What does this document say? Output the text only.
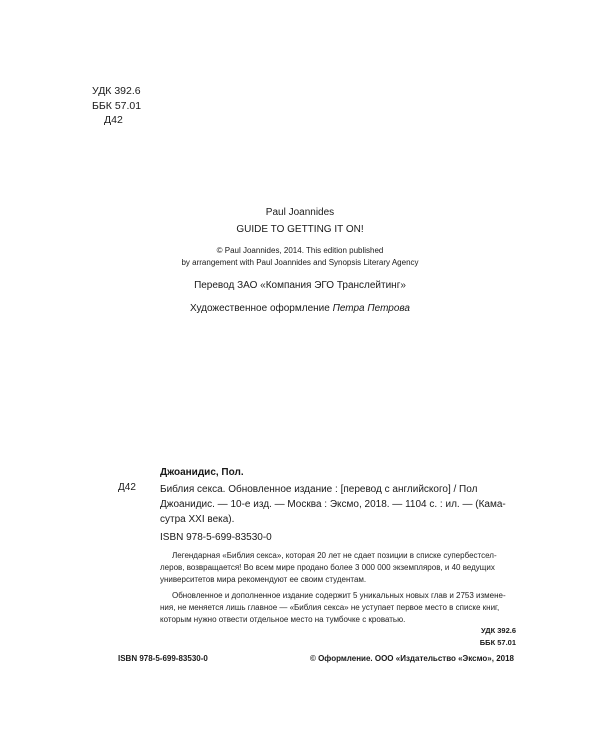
УДК 392.6
ББК 57.01
Д42
Paul Joannides
GUIDE TO GETTING IT ON!
© Paul Joannides, 2014. This edition published
by arrangement with Paul Joannides and Synopsis Literary Agency
Перевод ЗАО «Компания ЭГО Транслейтинг»
Художественное оформление Петра Петрова
Джоанидис, Пол.
Д42 Библия секса. Обновленное издание : [перевод с английского] / Пол
Джоанидис. — 10-е изд. — Москва : Эксмо, 2018. — 1104 с. : ил. — (Кама-
сутра XXI века).
ISBN 978-5-699-83530-0
Легендарная «Библия секса», которая 20 лет не сдает позиции в списке супербестсел-
леров, возвращается! Во всем мире продано более 3 000 000 экземпляров, и 40 ведущих
университетов мира рекомендуют ее своим студентам.
Обновленное и дополненное издание содержит 5 уникальных новых глав и 2753 измене-
ния, не меняется лишь главное — «Библия секса» не уступает первое место в списке книг,
которым нужно отвести отдельное место на тумбочке с кроватью.
УДК 392.6
ББК 57.01
ISBN 978-5-699-83530-0	© Оформление. ООО «Издательство «Эксмо», 2018
